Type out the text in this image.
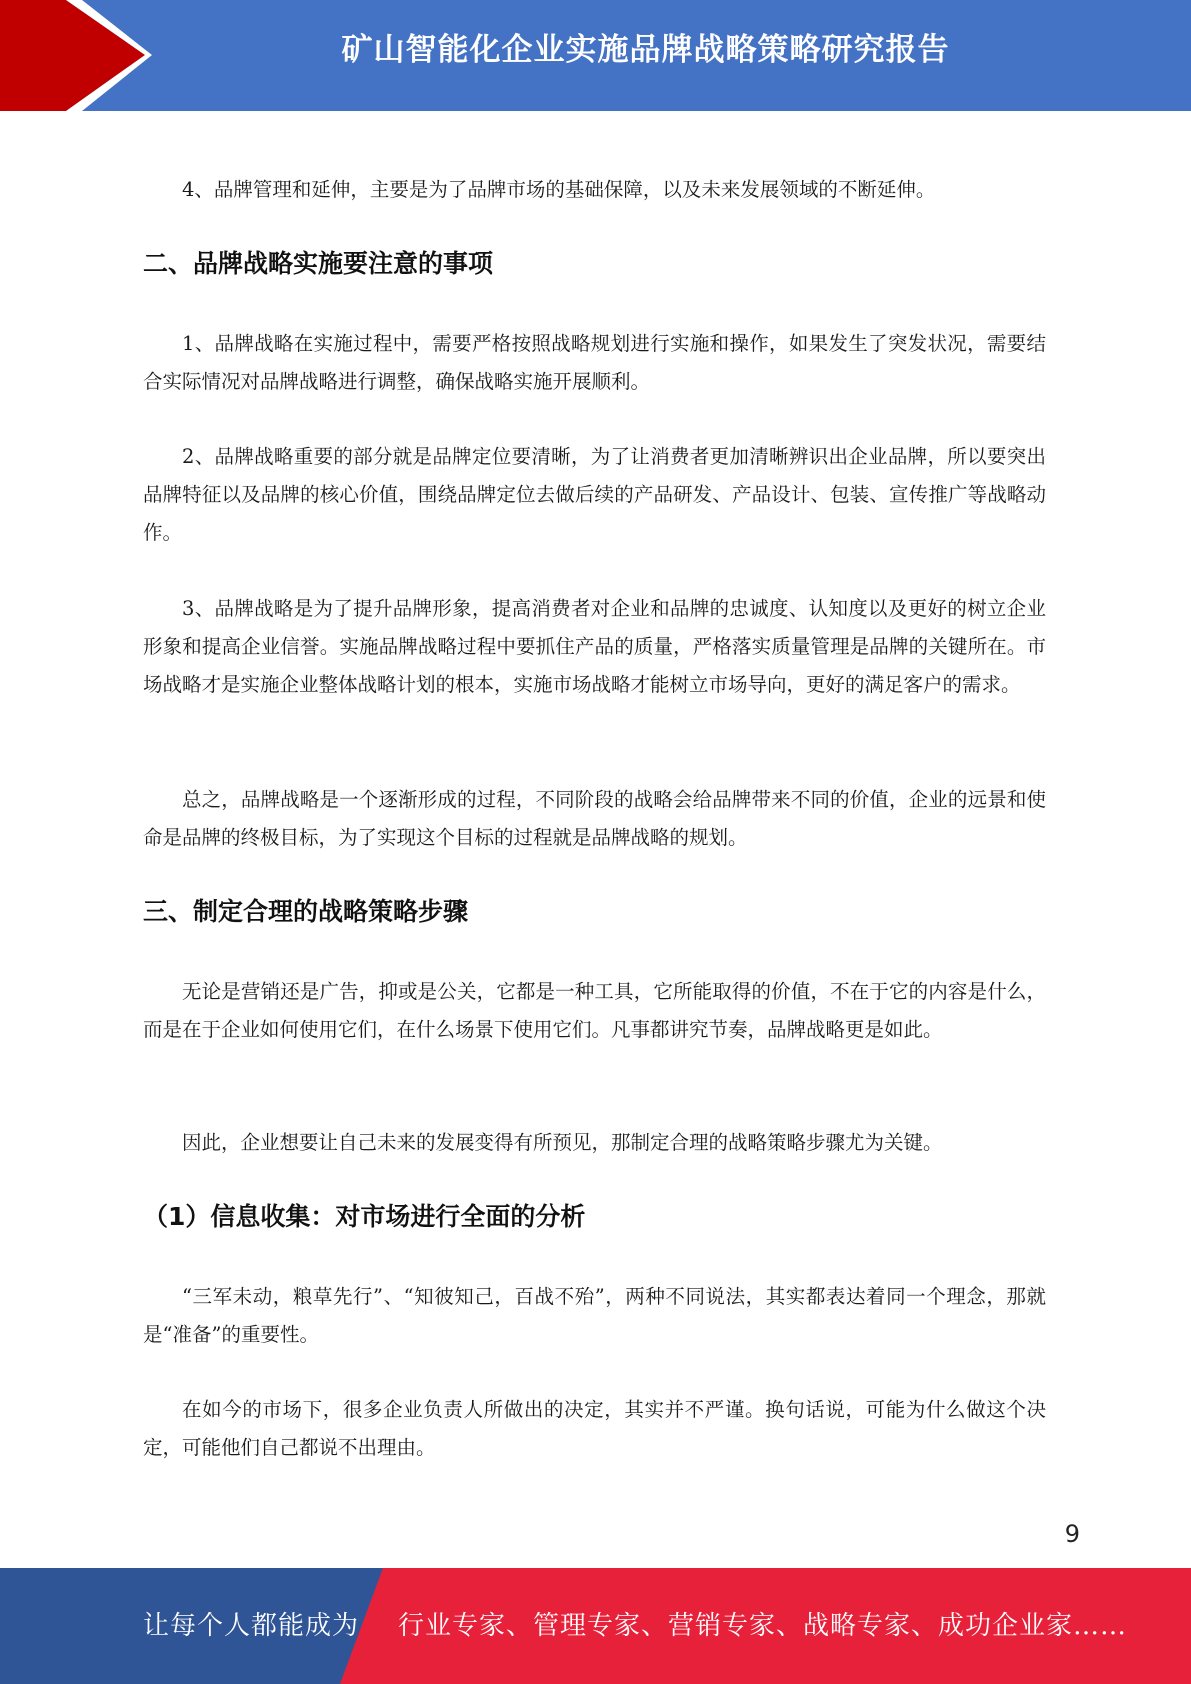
矿山智能化企业实施品牌战略策略研究报告

4、品牌管理和延伸，主要是为了品牌市场的基础保障，以及未来发展领域的不断延伸。

二、品牌战略实施要注意的事项

1、品牌战略在实施过程中，需要严格按照战略规划进行实施和操作，如果发生了突发状况，需要结合实际情况对品牌战略进行调整，确保战略实施开展顺利。

2、品牌战略重要的部分就是品牌定位要清晰，为了让消费者更加清晰辨识出企业品牌，所以要突出品牌特征以及品牌的核心价值，围绕品牌定位去做后续的产品研发、产品设计、包装、宣传推广等战略动作。

3、品牌战略是为了提升品牌形象，提高消费者对企业和品牌的忠诚度、认知度以及更好的树立企业形象和提高企业信誉。实施品牌战略过程中要抓住产品的质量，严格落实质量管理是品牌的关键所在。市场战略才是实施企业整体战略计划的根本，实施市场战略才能树立市场导向，更好的满足客户的需求。

总之，品牌战略是一个逐渐形成的过程，不同阶段的战略会给品牌带来不同的价值，企业的远景和使命是品牌的终极目标，为了实现这个目标的过程就是品牌战略的规划。

三、制定合理的战略策略步骤

无论是营销还是广告，抑或是公关，它都是一种工具，它所能取得的价值，不在于它的内容是什么，而是在于企业如何使用它们，在什么场景下使用它们。凡事都讲究节奏，品牌战略更是如此。

因此，企业想要让自己未来的发展变得有所预见，那制定合理的战略策略步骤尤为关键。

（1）信息收集：对市场进行全面的分析

“三军未动，粮草先行”、“知彼知己，百战不殆”，两种不同说法，其实都表达着同一个理念，那就是“准备”的重要性。

在如今的市场下，很多企业负责人所做出的决定，其实并不严谨。换句话说，可能为什么做这个决定，可能他们自己都说不出理由。

9
让每个人都能成为 行业专家、管理专家、营销专家、战略专家、成功企业家……
